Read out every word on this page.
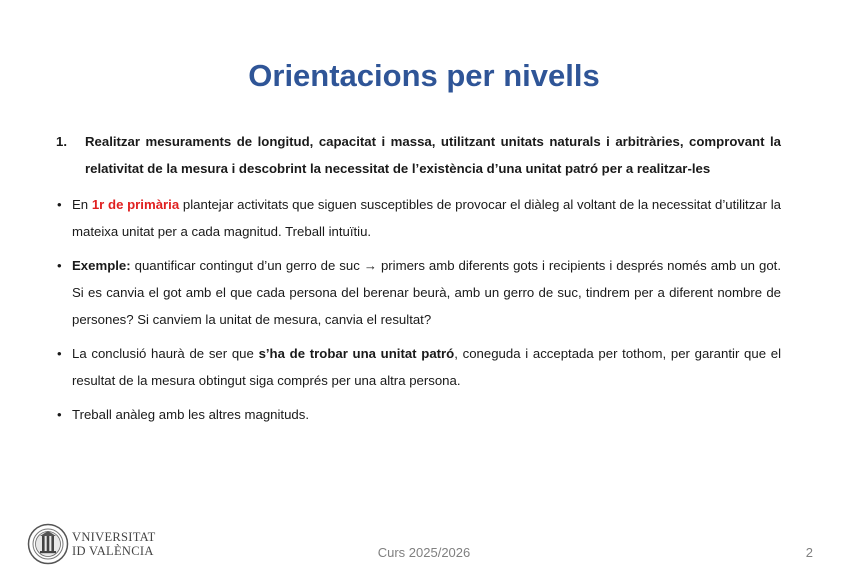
Orientacions per nivells

1. Realitzar mesuraments de longitud, capacitat i massa, utilitzant unitats naturals i arbitràries, comprovant la relativitat de la mesura i descobrint la necessitat de l’existència d’una unitat patró per a realitzar-les

• En 1r de primària plantejar activitats que siguen susceptibles de provocar el diàleg al voltant de la necessitat d’utilitzar la mateixa unitat per a cada magnitud. Treball intuïtiu.

• Exemple: quantificar contingut d’un gerro de suc → primers amb diferents gots i recipients i després només amb un got. Si es canvia el got amb el que cada persona del berenar beurà, amb un gerro de suc, tindrem per a diferent nombre de persones? Si canviem la unitat de mesura, canvia el resultat?

• La conclusió haurà de ser que s’ha de trobar una unitat patró, coneguda i acceptada per tothom, per garantir que el resultat de la mesura obtingut siga comprés per una altra persona.

• Treball anàleg amb les altres magnituds.

VNIVERSITAT
ID VALÈNCIA	Curs 2025/2026	2
